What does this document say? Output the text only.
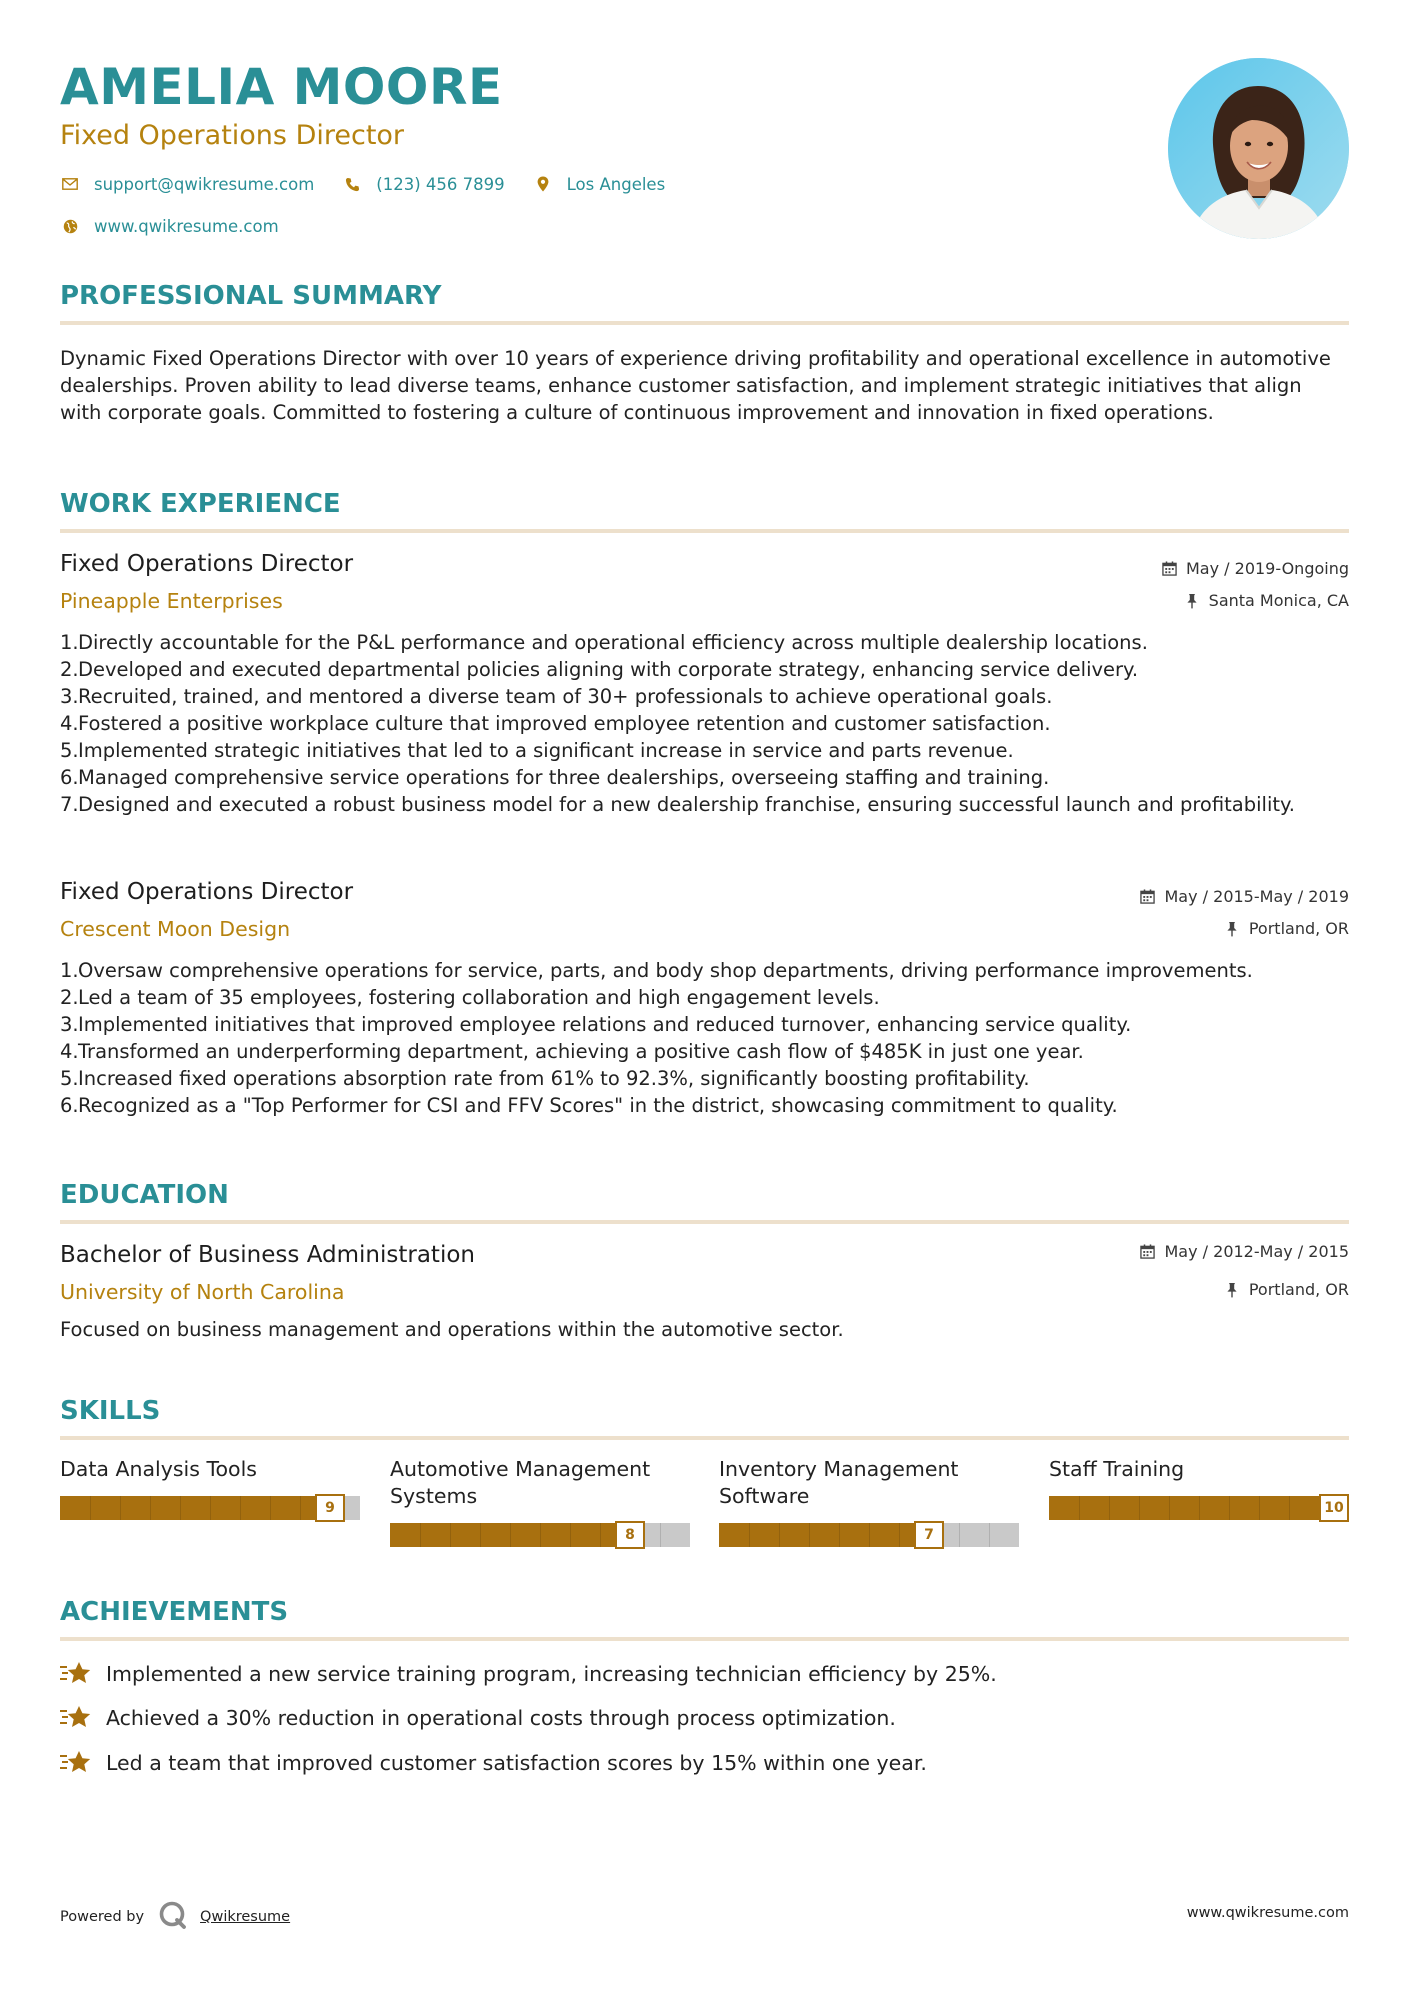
AMELIA MOORE
Fixed Operations Director
support@qwikresume.com	(123) 456 7899	Los Angeles
www.qwikresume.com
PROFESSIONAL SUMMARY
Dynamic Fixed Operations Director with over 10 years of experience driving profitability and operational excellence in automotive dealerships. Proven ability to lead diverse teams, enhance customer satisfaction, and implement strategic initiatives that align with corporate goals. Committed to fostering a culture of continuous improvement and innovation in fixed operations.
WORK EXPERIENCE
Fixed Operations Director
Pineapple Enterprises
May / 2019-Ongoing
Santa Monica, CA
1. Directly accountable for the P&L performance and operational efficiency across multiple dealership locations.
2. Developed and executed departmental policies aligning with corporate strategy, enhancing service delivery.
3. Recruited, trained, and mentored a diverse team of 30+ professionals to achieve operational goals.
4. Fostered a positive workplace culture that improved employee retention and customer satisfaction.
5. Implemented strategic initiatives that led to a significant increase in service and parts revenue.
6. Managed comprehensive service operations for three dealerships, overseeing staffing and training.
7. Designed and executed a robust business model for a new dealership franchise, ensuring successful launch and profitability.
Fixed Operations Director
Crescent Moon Design
May / 2015-May / 2019
Portland, OR
1. Oversaw comprehensive operations for service, parts, and body shop departments, driving performance improvements.
2. Led a team of 35 employees, fostering collaboration and high engagement levels.
3. Implemented initiatives that improved employee relations and reduced turnover, enhancing service quality.
4. Transformed an underperforming department, achieving a positive cash flow of $485K in just one year.
5. Increased fixed operations absorption rate from 61% to 92.3%, significantly boosting profitability.
6. Recognized as a "Top Performer for CSI and FFV Scores" in the district, showcasing commitment to quality.
EDUCATION
Bachelor of Business Administration
University of North Carolina
May / 2012-May / 2015
Portland, OR
Focused on business management and operations within the automotive sector.
SKILLS
Data Analysis Tools
9
Automotive Management Systems
8
Inventory Management Software
7
Staff Training
10
ACHIEVEMENTS
Implemented a new service training program, increasing technician efficiency by 25%.
Achieved a 30% reduction in operational costs through process optimization.
Led a team that improved customer satisfaction scores by 15% within one year.
Powered by	Qwikresume	www.qwikresume.com
